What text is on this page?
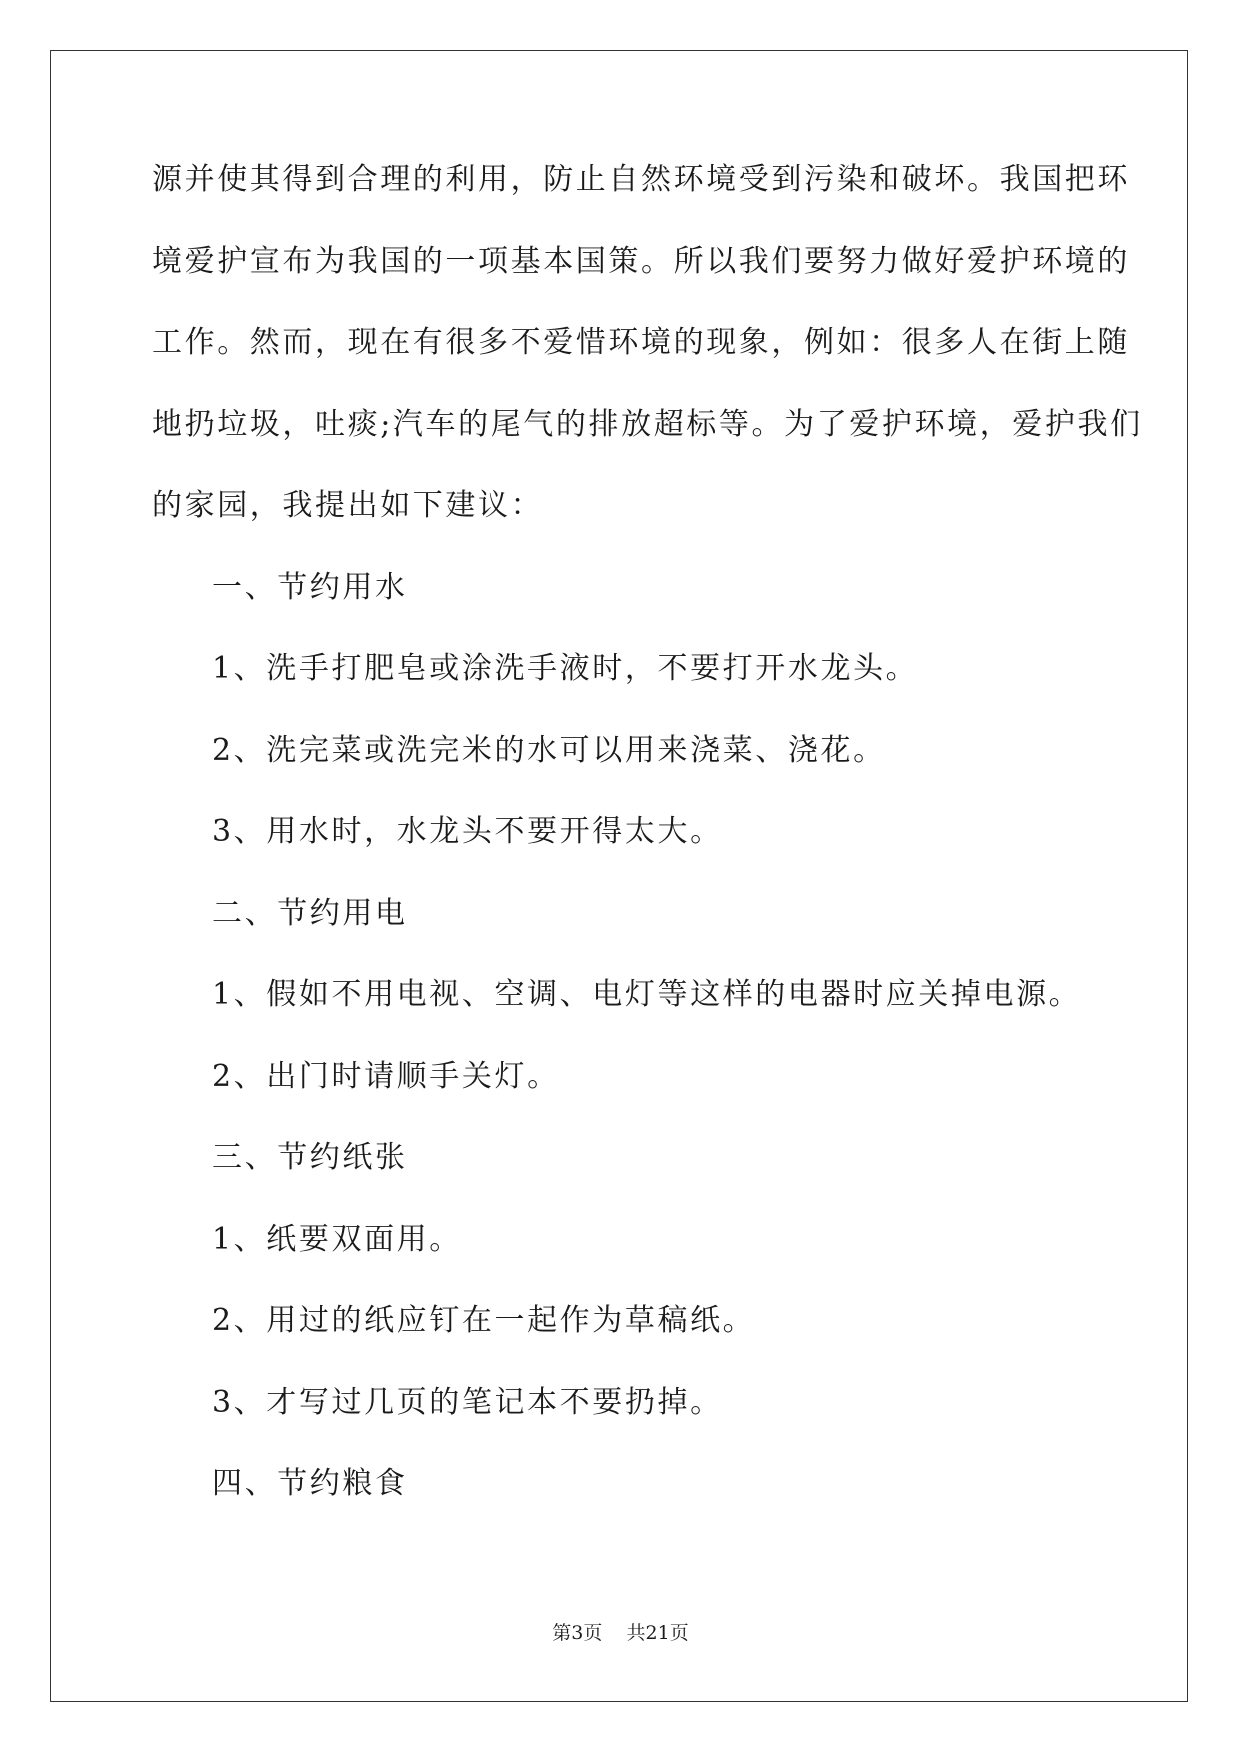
源并使其得到合理的利用，防止自然环境受到污染和破坏。我国把环
境爱护宣布为我国的一项基本国策。所以我们要努力做好爱护环境的
工作。然而，现在有很多不爱惜环境的现象，例如：很多人在街上随
地扔垃圾，吐痰;汽车的尾气的排放超标等。为了爱护环境，爱护我们
的家园，我提出如下建议：
一、节约用水
1、洗手打肥皂或涂洗手液时，不要打开水龙头。
2、洗完菜或洗完米的水可以用来浇菜、浇花。
3、用水时，水龙头不要开得太大。
二、节约用电
1、假如不用电视、空调、电灯等这样的电器时应关掉电源。
2、出门时请顺手关灯。
三、节约纸张
1、纸要双面用。
2、用过的纸应钉在一起作为草稿纸。
3、才写过几页的笔记本不要扔掉。
四、节约粮食
第3页 共21页
